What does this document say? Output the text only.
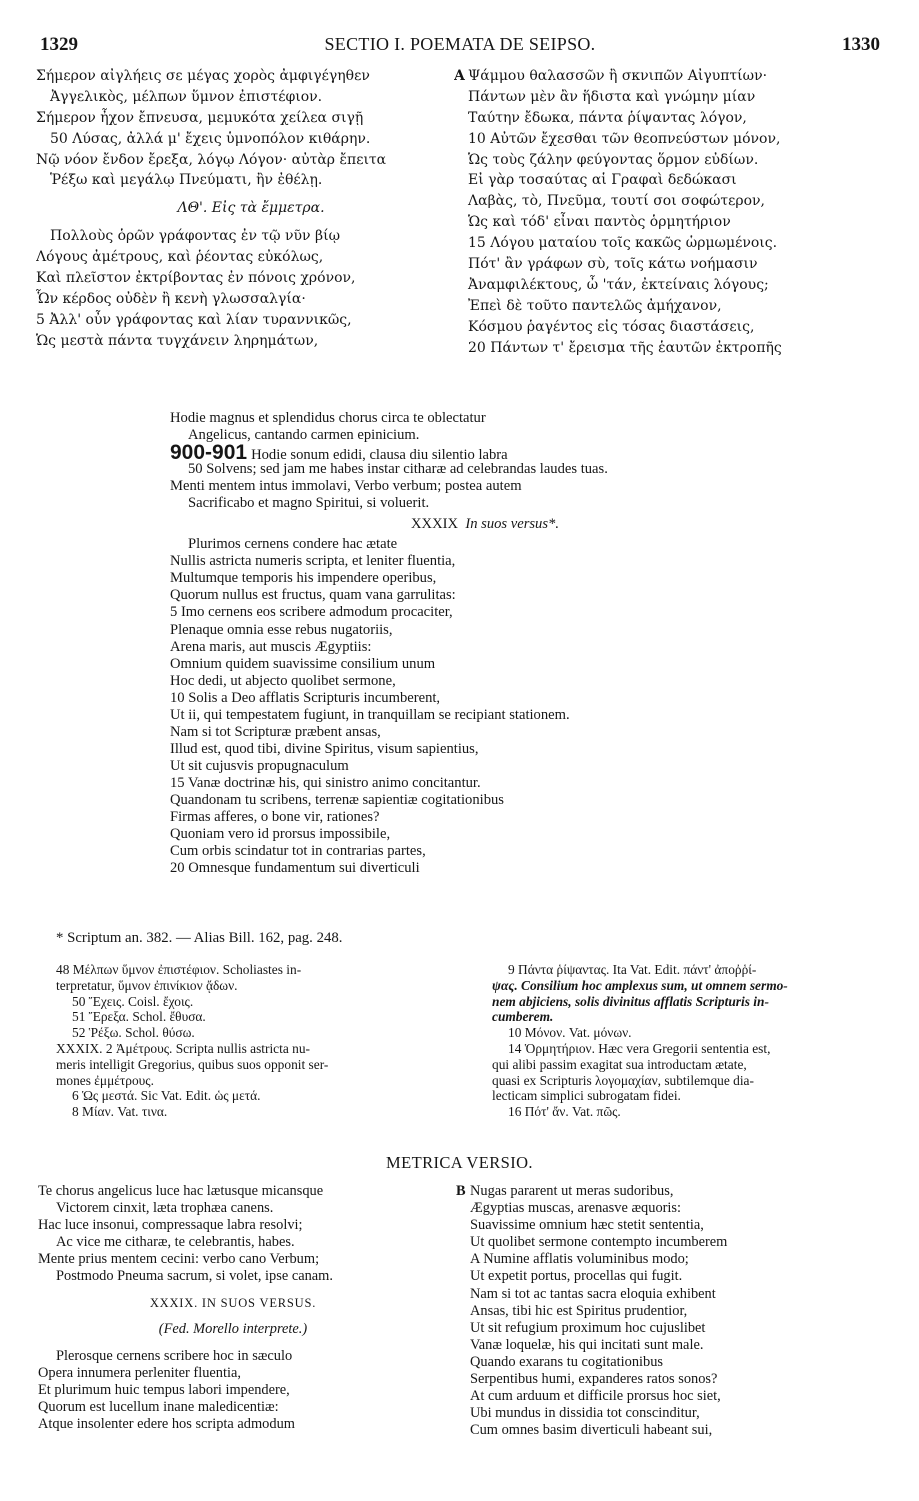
1329	SECTIO I. POEMATA DE SEIPSO.	1330
Σήμερον αἰγλήεις σε μέγας χορὸς ἀμφιγέγηθεν
Ἀγγελικὸς, μέλπων ὕμνον ἐπιστέφιον.
Σήμερον ἦχον ἔπνευσα, μεμυκότα χείλεα σιγῇ
50 Λύσας, ἀλλά μ' ἔχεις ὑμνοπόλον κιθάρην.
Νῷ νόον ἔνδον ἔρεξα, λόγῳ Λόγον· αὐτὰρ ἔπειτα
Ῥέξω καὶ μεγάλῳ Πνεύματι, ἢν ἐθέλῃ.
ΛΘ'. Εἰς τὰ ἔμμετρα.
Πολλοὺς ὁρῶν γράφοντας ἐν τῷ νῦν βίῳ
Λόγους ἀμέτρους, καὶ ῥέοντας εὐκόλως,
Καὶ πλεῖστον ἐκτρίβοντας ἐν πόνοις χρόνον,
Ὧν κέρδος οὐδὲν ἢ κενὴ γλωσσαλγία·
5 Ἀλλ' οὖν γράφοντας καὶ λίαν τυραννικῶς,
Ὡς μεστὰ πάντα τυγχάνειν ληρημάτων,
A Ψάμμου θαλασσῶν ἢ σκνιπῶν Αἰγυπτίων·
Πάντων μὲν ἂν ἥδιστα καὶ γνώμην μίαν
Ταύτην ἔδωκα, πάντα ῥίψαντας λόγον,
10 Αὐτῶν ἔχεσθαι τῶν θεοπνεύστων μόνον,
Ὡς τοὺς ζάλην φεύγοντας ὅρμον εὐδίων.
Εἰ γὰρ τοσαύτας αἱ Γραφαὶ δεδώκασι
Λαβὰς, τὸ, Πνεῦμα, τουτί σοι σοφώτερον,
Ὡς καὶ τόδ' εἶναι παντὸς ὁρμητήριον
15 Λόγου ματαίου τοῖς κακῶς ὡρμωμένοις.
Πότ' ἂν γράφων σὺ, τοῖς κάτω νοήμασιν
Ἀναμφιλέκτους, ὦ 'τάν, ἐκτείναις λόγους;
Ἐπεὶ δὲ τοῦτο παντελῶς ἀμήχανον,
Κόσμου ῥαγέντος εἰς τόσας διαστάσεις,
20 Πάντων τ' ἔρεισμα τῆς ἑαυτῶν ἐκτροπῆς
Hodie magnus et splendidus chorus circa te oblectatur
Angelicus, cantando carmen epinicium.
900-901 Hodie sonum edidi, clausa diu silentio labra
50 Solvens; sed jam me habes instar citharæ ad celebrandas laudes tuas.
Menti mentem intus immolavi, Verbo verbum; postea autem
Sacrificabo et magno Spiritui, si voluerit.
XXXIX In suos versus*.
Plurimos cernens condere hac ætate
Nullis astricta numeris scripta, et leniter fluentia,
Multumque temporis his impendere operibus,
Quorum nullus est fructus, quam vana garrulitas:
5 Imo cernens eos scribere admodum procaciter,
Plenaque omnia esse rebus nugatoriis,
Arena maris, aut muscis Ægyptiis:
Omnium quidem suavissime consilium unum
Hoc dedi, ut abjecto quolibet sermone,
10 Solis a Deo afflatis Scripturis incumberent,
Ut ii, qui tempestatem fugiunt, in tranquillam se recipiant stationem.
Nam si tot Scripturæ præbent ansas,
Illud est, quod tibi, divine Spiritus, visum sapientius,
Ut sit cujusvis propugnaculum
15 Vanæ doctrinæ his, qui sinistro animo concitantur.
Quandonam tu scribens, terrenæ sapientiæ cogitationibus
Firmas afferes, o bone vir, rationes?
Quoniam vero id prorsus impossibile,
Cum orbis scindatur tot in contrarias partes,
20 Omnesque fundamentum sui diverticuli
* Scriptum an. 382. — Alias Bill. 162, pag. 248.
48 Μέλπων ὕμνον ἐπιστέφιον. Scholiastes in-
terpretatur, ὕμνον ἐπινίκιον ᾄδων.
50 Ἔχεις. Coisl. ἔχοις.
51 Ἔρεξα. Schol. ἔθυσα.
52 Ῥέξω. Schol. θύσω.
XXXIX. 2 Ἀμέτρους. Scripta nullis astricta nu-
meris intelligit Gregorius, quibus suos opponit ser-
mones ἐμμέτρους.
6 Ὡς μεστά. Sic Vat. Edit. ὡς μετά.
8 Μίαν. Vat. τινα.
9 Πάντα ῥίψαντας. Ita Vat. Edit. πάντ' ἀποῤῥί-
ψας. Consilium hoc amplexus sum, ut omnem sermo-
nem abjiciens, solis divinitus afflatis Scripturis in-
cumberem.
10 Μόνον. Vat. μόνων.
14 Ὁρμητήριον. Hæc vera Gregorii sententia est,
qui alibi passim exagitat sua introductam ætate,
quasi ex Scripturis λογομαχίαν, subtilemque dia-
lecticam simplici subrogatam fidei.
16 Πότ' ἄν. Vat. πῶς.
METRICA VERSIO.
Te chorus angelicus luce hac lætusque micansque
Victorem cinxit, læta trophæa canens.
Hac luce insonui, compressaque labra resolvi;
Ac vice me citharæ, te celebrantis, habes.
Mente prius mentem cecini: verbo cano Verbum;
Postmodo Pneuma sacrum, si volet, ipse canam.
XXXIX. IN SUOS VERSUS.
(Fed. Morello interprete.)
Plerosque cernens scribere hoc in sæculo
Opera innumera perleniter fluentia,
Et plurimum huic tempus labori impendere,
Quorum est lucellum inane maledicentiæ:
Atque insolenter edere hos scripta admodum
B Nugas pararent ut meras sudoribus,
Ægyptias muscas, arenasve æquoris:
Suavissime omnium hæc stetit sententia,
Ut quolibet sermone contempto incumberem
A Numine afflatis voluminibus modo;
Ut expetit portus, procellas qui fugit.
Nam si tot ac tantas sacra eloquia exhibent
Ansas, tibi hic est Spiritus prudentior,
Ut sit refugium proximum hoc cujuslibet
Vanæ loquelæ, his qui incitati sunt male.
Quando exarans tu cogitationibus
Serpentibus humi, expanderes ratos sonos?
At cum arduum et difficile prorsus hoc siet,
Ubi mundus in dissidia tot conscinditur,
Cum omnes basim diverticuli habeant sui,
